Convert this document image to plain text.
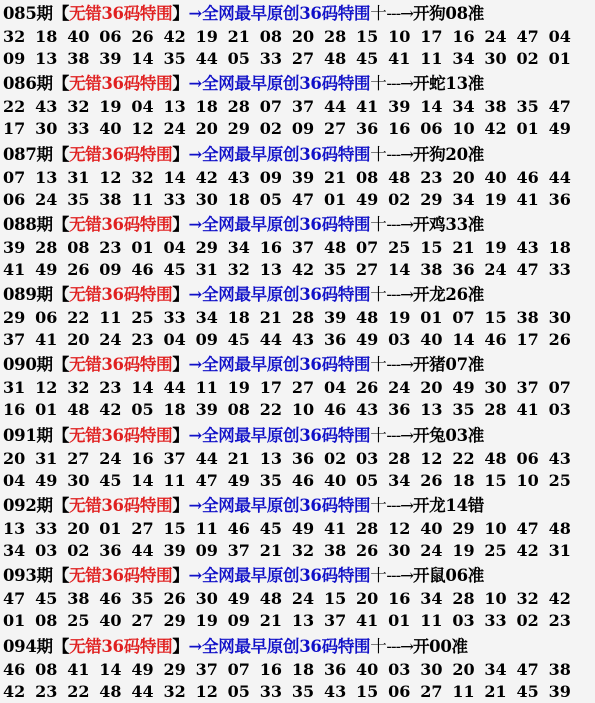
085期【无错36码特围】→全网最早原创36码特围十---→开狗08准
32 18 40 06 26 42 19 21 08 20 28 15 10 17 16 24 47 04
09 13 38 39 14 35 44 05 33 27 48 45 41 11 34 30 02 01
086期【无错36码特围】→全网最早原创36码特围十---→开蛇13准
22 43 32 19 04 13 18 28 07 37 44 41 39 14 34 38 35 47
17 30 33 40 12 24 20 29 02 09 27 36 16 06 10 42 01 49
087期【无错36码特围】→全网最早原创36码特围十---→开狗20准
07 13 31 12 32 14 42 43 09 39 21 08 48 23 20 40 46 44
06 24 35 38 11 33 30 18 05 47 01 49 02 29 34 19 41 36
088期【无错36码特围】→全网最早原创36码特围十---→开鸡33准
39 28 08 23 01 04 29 34 16 37 48 07 25 15 21 19 43 18
41 49 26 09 46 45 31 32 13 42 35 27 14 38 36 24 47 33
089期【无错36码特围】→全网最早原创36码特围十---→开龙26准
29 06 22 11 25 33 34 18 21 28 39 48 19 01 07 15 38 30
37 41 20 24 23 04 09 45 44 43 36 49 03 40 14 46 17 26
090期【无错36码特围】→全网最早原创36码特围十---→开猪07准
31 12 32 23 14 44 11 19 17 27 04 26 24 20 49 30 37 07
16 01 48 42 05 18 39 08 22 10 46 43 36 13 35 28 41 03
091期【无错36码特围】→全网最早原创36码特围十---→开兔03准
20 31 27 24 16 37 44 21 13 36 02 03 28 12 22 48 06 43
04 49 30 45 14 11 47 49 35 46 40 05 34 26 18 15 10 25
092期【无错36码特围】→全网最早原创36码特围十---→开龙14错
13 33 20 01 27 15 11 46 45 49 41 28 12 40 29 10 47 48
34 03 02 36 44 39 09 37 21 32 38 26 30 24 19 25 42 31
093期【无错36码特围】→全网最早原创36码特围十---→开鼠06准
47 45 38 46 35 26 30 49 48 24 15 20 16 34 28 10 32 42
01 08 25 40 27 29 19 09 21 13 37 41 01 11 03 33 02 23
094期【无错36码特围】→全网最早原创36码特围十---→开00准
46 08 41 14 49 29 37 07 16 18 36 40 03 30 20 34 47 38
42 23 22 48 44 32 12 05 33 35 43 15 06 27 11 21 45 39
